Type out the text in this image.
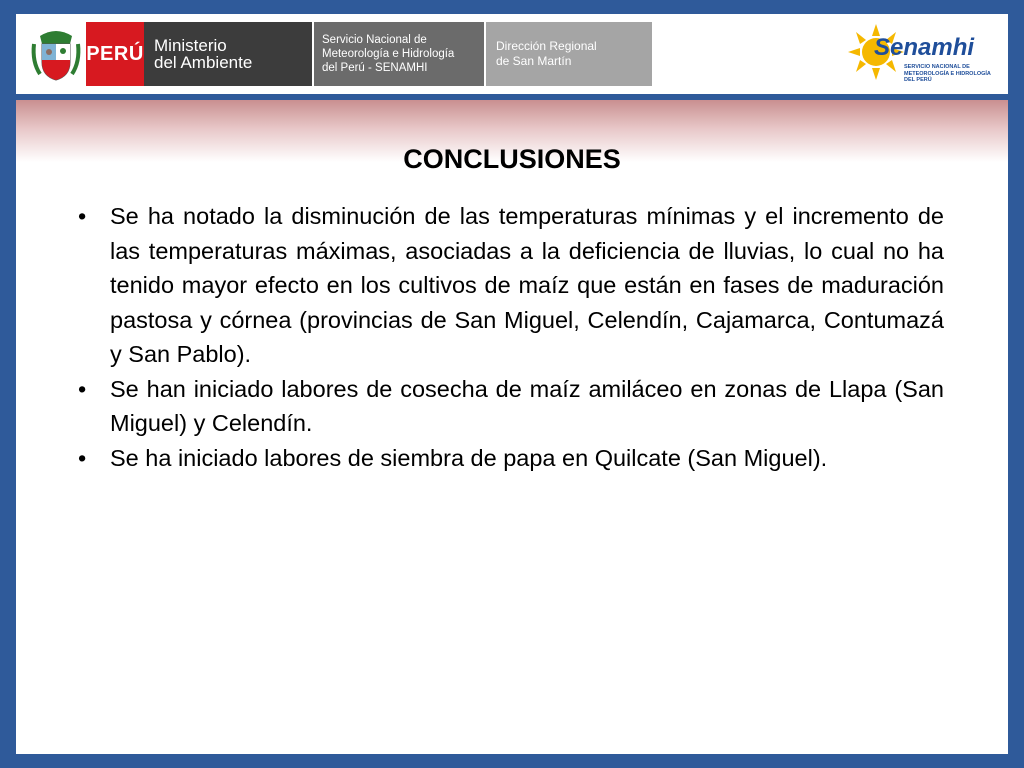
PERÚ Ministerio
del Ambiente
Servicio Nacional de
Meteorología e Hidrología
del Perú - SENAMHI
Dirección Regional
de San Martín	Senamhi
SERVICIO NACIONAL DE METEOROLOGÍA E HIDROLOGÍA DEL PERÚ
CONCLUSIONES
• Se ha notado la disminución de las temperaturas mínimas y el incremento de las temperaturas máximas, asociadas a la deficiencia de lluvias, lo cual no ha tenido mayor efecto en los cultivos de maíz que están en fases de maduración pastosa y córnea (provincias de San Miguel, Celendín, Cajamarca, Contumazá y San Pablo).
• Se han iniciado labores de cosecha de maíz amiláceo en zonas de Llapa (San Miguel) y Celendín.
• Se ha iniciado labores de siembra de papa en Quilcate (San Miguel).
